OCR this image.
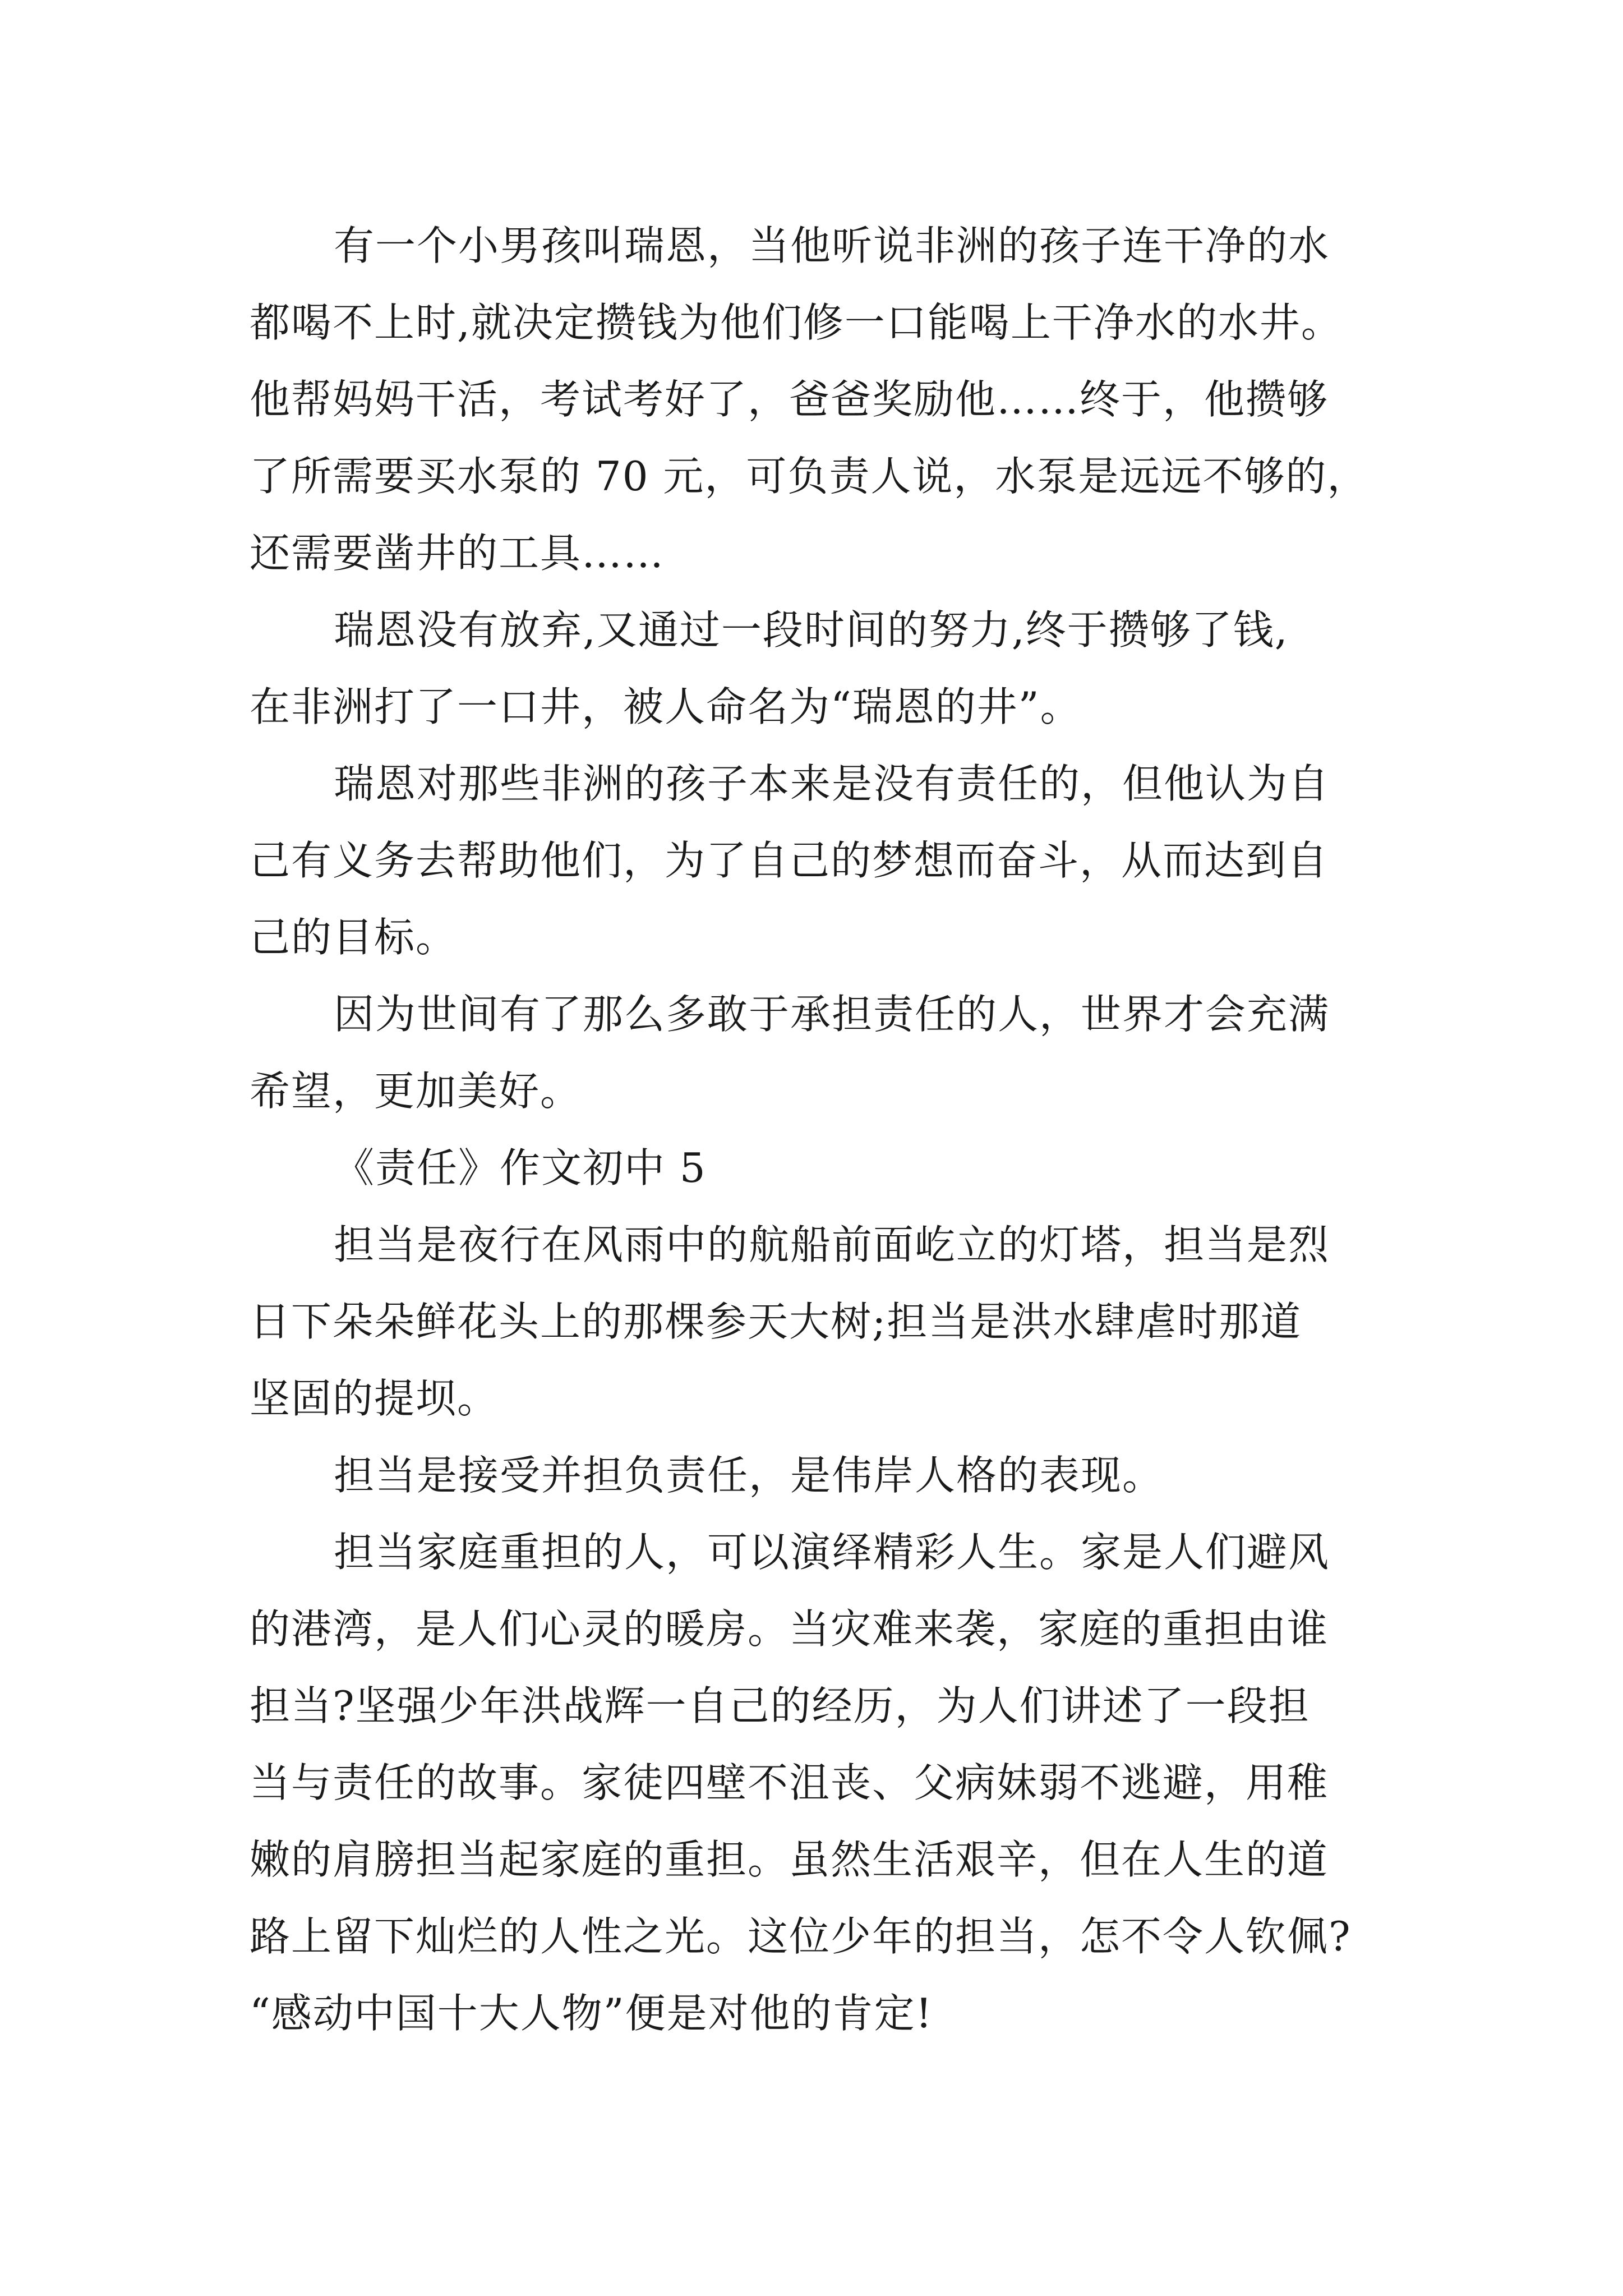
有一个小男孩叫瑞恩，当他听说非洲的孩子连干净的水
都喝不上时,就决定攒钱为他们修一口能喝上干净水的水井。
他帮妈妈干活，考试考好了，爸爸奖励他……终于，他攒够
了所需要买水泵的 70 元，可负责人说，水泵是远远不够的，
还需要凿井的工具……
瑞恩没有放弃,又通过一段时间的努力,终于攒够了钱,
在非洲打了一口井，被人命名为“瑞恩的井”。
瑞恩对那些非洲的孩子本来是没有责任的，但他认为自
己有义务去帮助他们，为了自己的梦想而奋斗，从而达到自
己的目标。
因为世间有了那么多敢于承担责任的人，世界才会充满
希望，更加美好。
《责任》作文初中 5
担当是夜行在风雨中的航船前面屹立的灯塔，担当是烈
日下朵朵鲜花头上的那棵参天大树;担当是洪水肆虐时那道
坚固的提坝。
担当是接受并担负责任，是伟岸人格的表现。
担当家庭重担的人，可以演绎精彩人生。家是人们避风
的港湾，是人们心灵的暖房。当灾难来袭，家庭的重担由谁
担当?坚强少年洪战辉一自己的经历，为人们讲述了一段担
当与责任的故事。家徒四壁不沮丧、父病妹弱不逃避，用稚
嫩的肩膀担当起家庭的重担。虽然生活艰辛，但在人生的道
路上留下灿烂的人性之光。这位少年的担当，怎不令人钦佩?
“感动中国十大人物”便是对他的肯定!
